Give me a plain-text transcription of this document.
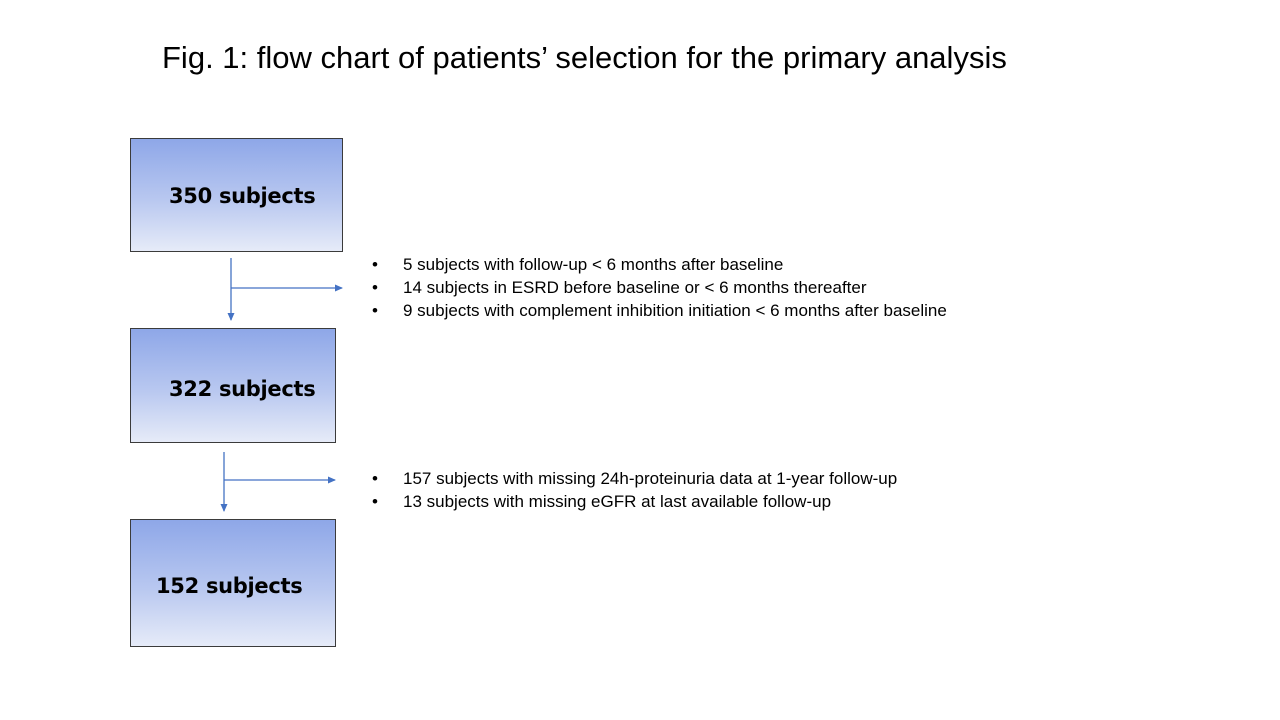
Fig. 1: flow chart of patients’ selection for the primary analysis
350 subjects
322 subjects
152 subjects
• 5 subjects with follow-up < 6 months after baseline
• 14 subjects in ESRD before baseline or < 6 months thereafter
• 9 subjects with complement inhibition initiation < 6 months after baseline
• 157 subjects with missing 24h-proteinuria data at 1-year follow-up
• 13 subjects with missing eGFR at last available follow-up
